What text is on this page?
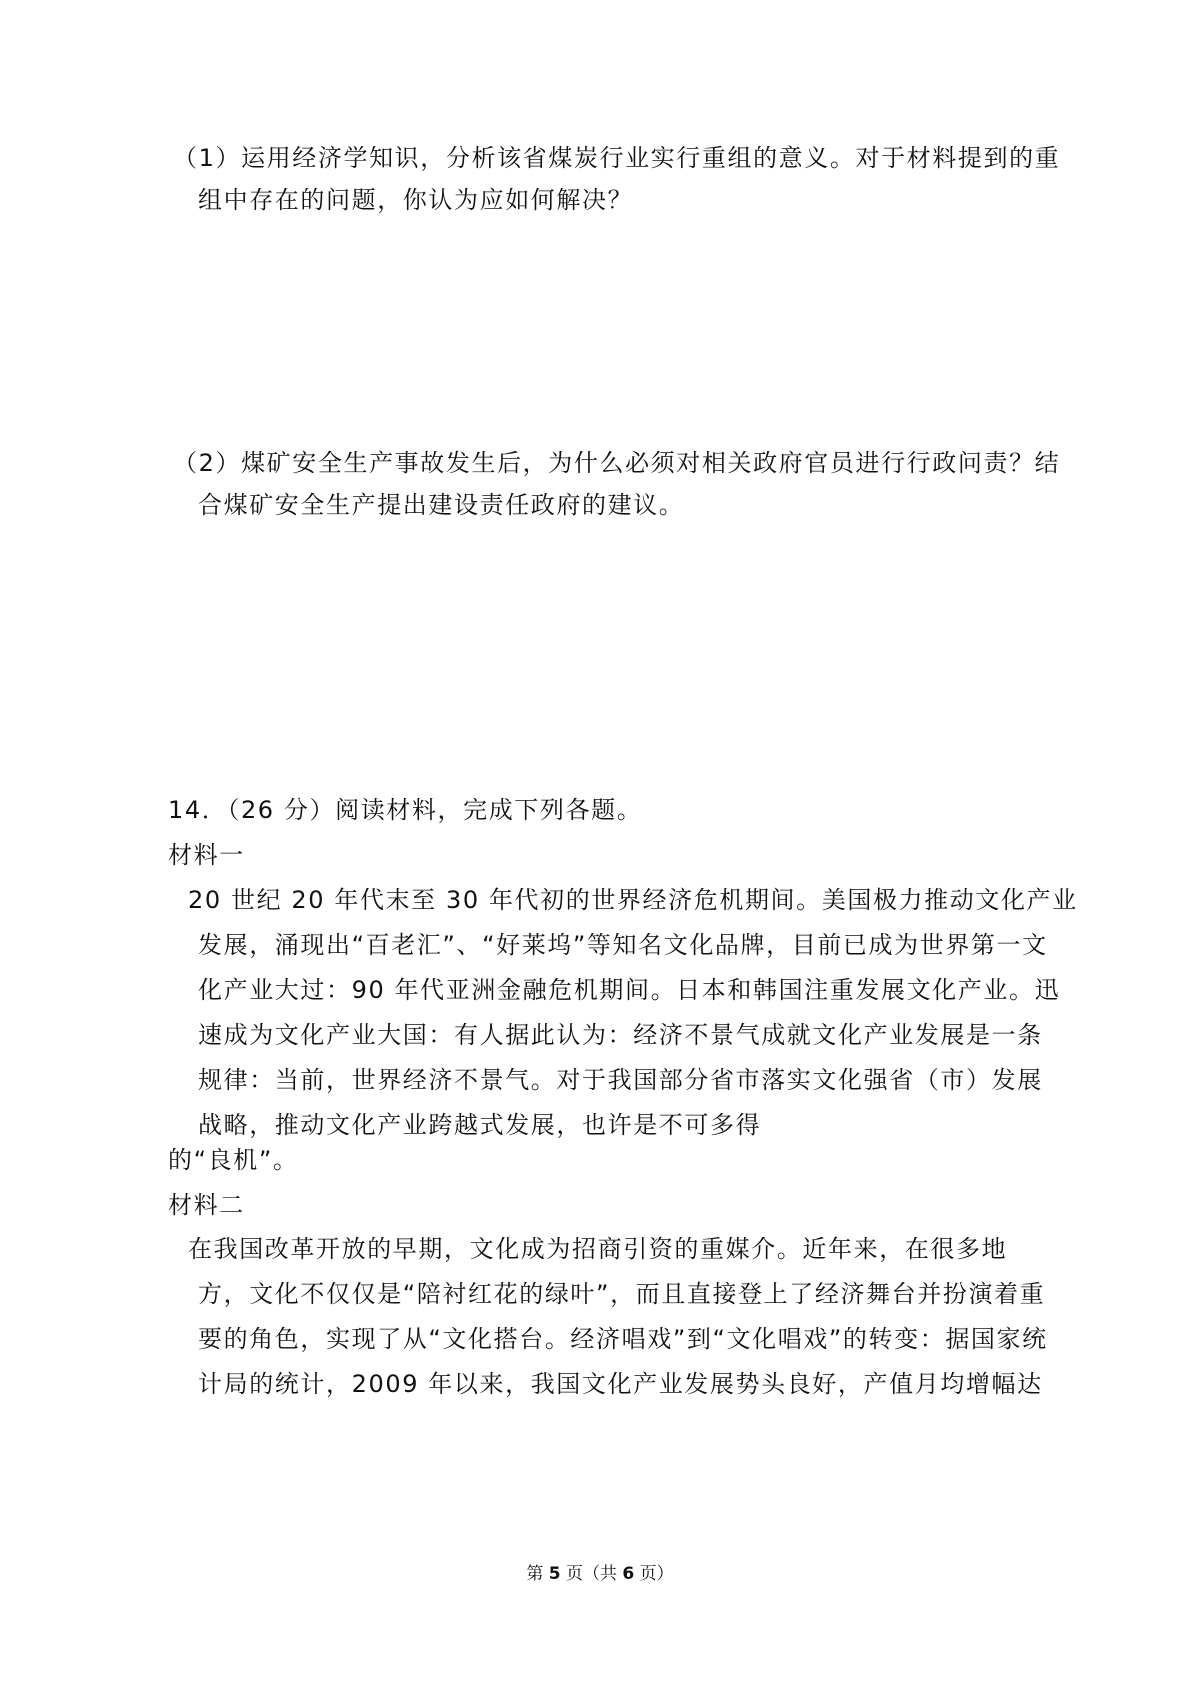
（1）运用经济学知识，分析该省煤炭行业实行重组的意义。对于材料提到的重
组中存在的问题，你认为应如何解决？
（2）煤矿安全生产事故发生后，为什么必须对相关政府官员进行行政问责？结
合煤矿安全生产提出建设责任政府的建议。
14．（26 分）阅读材料，完成下列各题。
材料一
20 世纪 20 年代末至 30 年代初的世界经济危机期间。美国极力推动文化产业
发展，涌现出“百老汇”、“好莱坞”等知名文化品牌，目前已成为世界第一文
化产业大过：90 年代亚洲金融危机期间。日本和韩国注重发展文化产业。迅
速成为文化产业大国：有人据此认为：经济不景气成就文化产业发展是一条
规律：当前，世界经济不景气。对于我国部分省市落实文化强省（市）发展
战略，推动文化产业跨越式发展，也许是不可多得
的“良机”。
材料二
在我国改革开放的早期，文化成为招商引资的重媒介。近年来，在很多地
方，文化不仅仅是“陪衬红花的绿叶”，而且直接登上了经济舞台并扮演着重
要的角色，实现了从“文化搭台。经济唱戏”到“文化唱戏”的转变：据国家统
计局的统计，2009 年以来，我国文化产业发展势头良好，产值月均增幅达
第 5 页（共 6 页）
